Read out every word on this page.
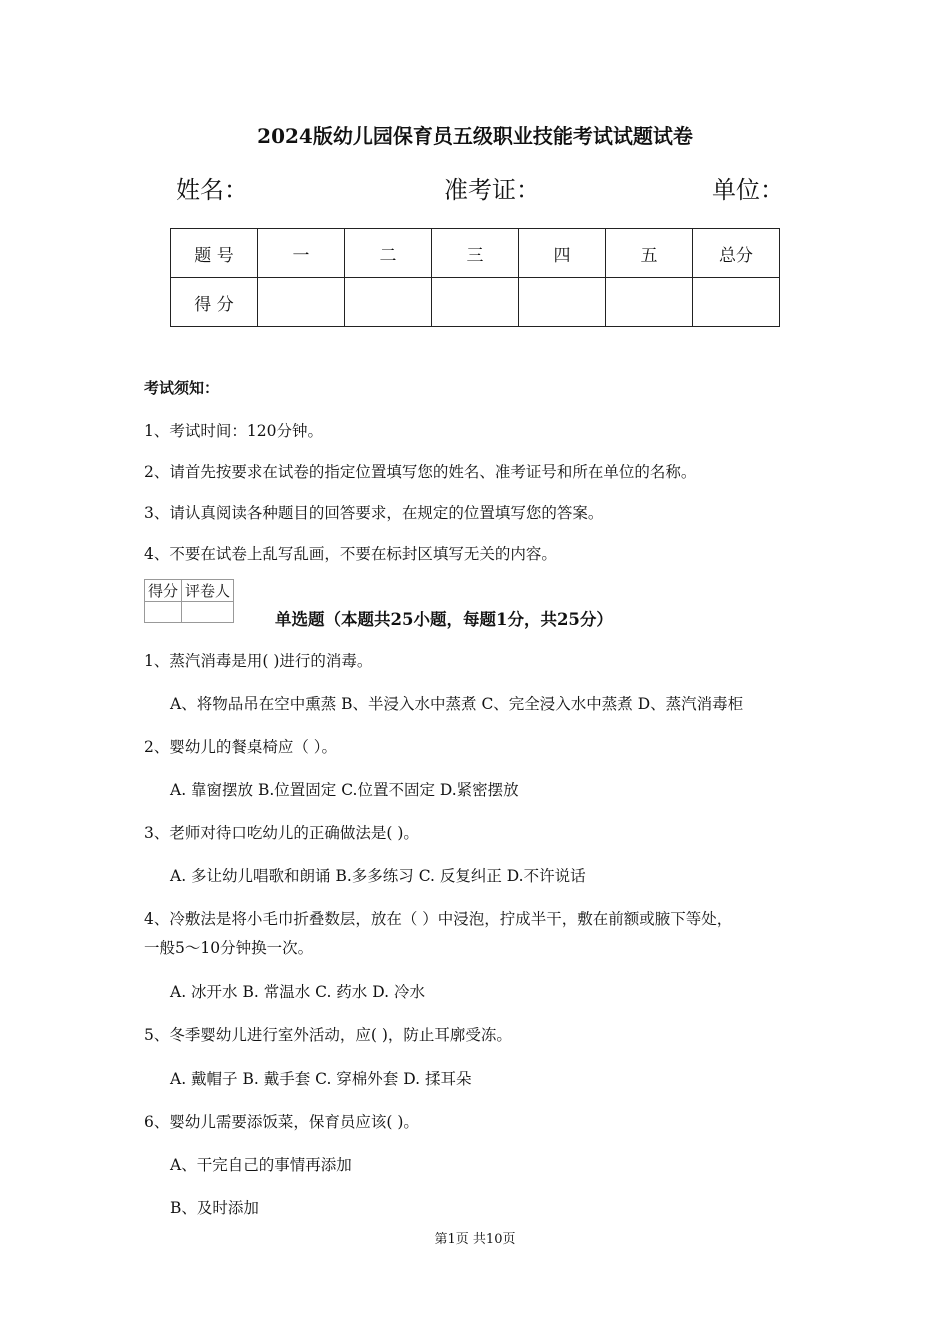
2024版幼儿园保育员五级职业技能考试试题试卷
姓名：	准考证：	单位：
题 号	一	二	三	四	五	总分
得 分						
考试须知：
1、考试时间：120分钟。
2、请首先按要求在试卷的指定位置填写您的姓名、准考证号和所在单位的名称。
3、请认真阅读各种题目的回答要求，在规定的位置填写您的答案。
4、不要在试卷上乱写乱画，不要在标封区填写无关的内容。
得分	评卷人

单选题（本题共25小题，每题1分，共25分）
1、蒸汽消毒是用( )进行的消毒。
A、将物品吊在空中熏蒸 B、半浸入水中蒸煮 C、完全浸入水中蒸煮 D、蒸汽消毒柜
2、婴幼儿的餐桌椅应（ ）。
A. 靠窗摆放 B.位置固定 C.位置不固定 D.紧密摆放
3、老师对待口吃幼儿的正确做法是( )。
A. 多让幼儿唱歌和朗诵 B.多多练习 C. 反复纠正 D.不许说话
4、冷敷法是将小毛巾折叠数层，放在（ ）中浸泡，拧成半干，敷在前额或腋下等处，
一般5～10分钟换一次。
A. 冰开水 B. 常温水 C. 药水 D. 冷水
5、冬季婴幼儿进行室外活动，应( )，防止耳廓受冻。
A. 戴帽子 B. 戴手套 C. 穿棉外套 D. 揉耳朵
6、婴幼儿需要添饭菜，保育员应该( )。
A、干完自己的事情再添加
B、及时添加
第1页 共10页
